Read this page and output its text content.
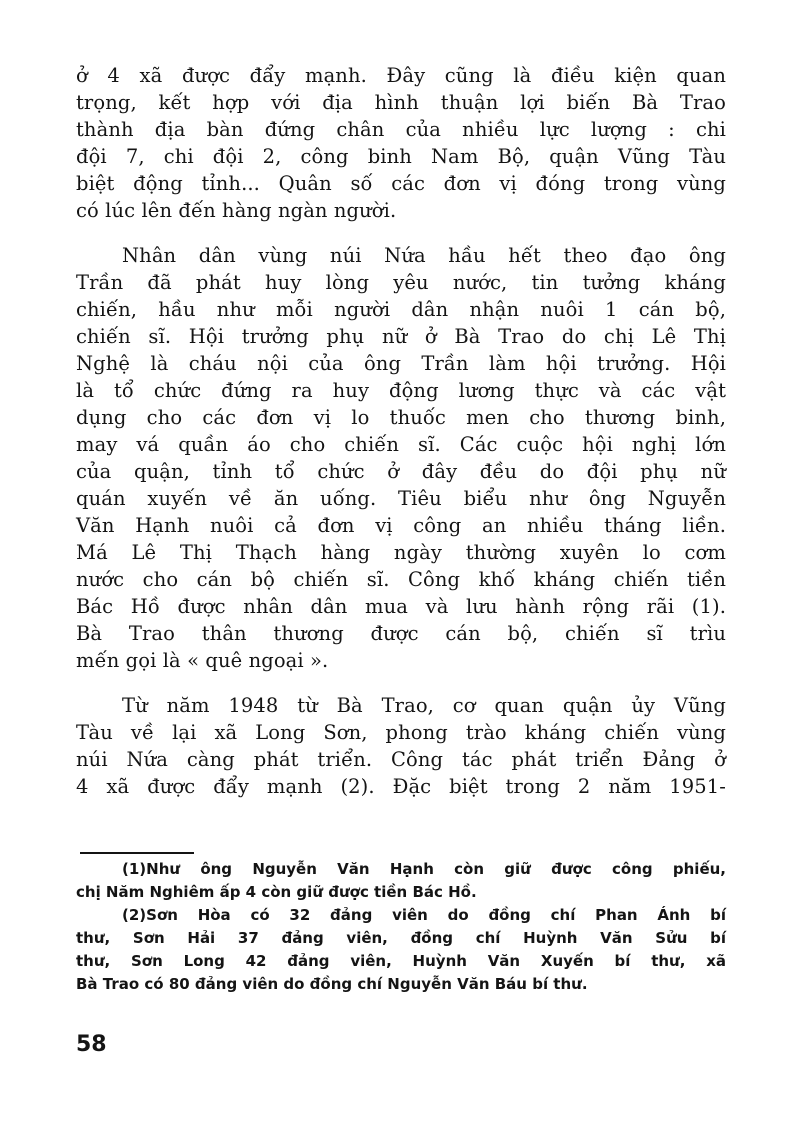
ở 4 xã được đẩy mạnh. Đây cũng là điều kiện quan
trọng, kết hợp với địa hình thuận lợi biến Bà Trao
thành địa bàn đứng chân của nhiều lực lượng : chi
đội 7, chi đội 2, công binh Nam Bộ, quận Vũng Tàu
biệt động tỉnh... Quân số các đơn vị đóng trong vùng
có lúc lên đến hàng ngàn người.
Nhân dân vùng núi Nứa hầu hết theo đạo ông
Trần đã phát huy lòng yêu nước, tin tưởng kháng
chiến, hầu như mỗi người dân nhận nuôi 1 cán bộ,
chiến sĩ. Hội trưởng phụ nữ ở Bà Trao do chị Lê Thị
Nghệ là cháu nội của ông Trần làm hội trưởng. Hội
là tổ chức đứng ra huy động lương thực và các vật
dụng cho các đơn vị lo thuốc men cho thương binh,
may vá quần áo cho chiến sĩ. Các cuộc hội nghị lớn
của quận, tỉnh tổ chức ở đây đều do đội phụ nữ
quán xuyến về ăn uống. Tiêu biểu như ông Nguyễn
Văn Hạnh nuôi cả đơn vị công an nhiều tháng liền.
Má Lê Thị Thạch hàng ngày thường xuyên lo cơm
nước cho cán bộ chiến sĩ. Công khố kháng chiến tiền
Bác Hồ được nhân dân mua và lưu hành rộng rãi (1).
Bà Trao thân thương được cán bộ, chiến sĩ trìu
mến gọi là « quê ngoại ».
Từ năm 1948 từ Bà Trao, cơ quan quận ủy Vũng
Tàu về lại xã Long Sơn, phong trào kháng chiến vùng
núi Nứa càng phát triển. Công tác phát triển Đảng ở
4 xã được đẩy mạnh (2). Đặc biệt trong 2 năm 1951-
(1)Như ông Nguyễn Văn Hạnh còn giữ được công phiếu,
chị Năm Nghiêm ấp 4 còn giữ được tiền Bác Hồ.
(2)Sơn Hòa có 32 đảng viên do đồng chí Phan Ánh bí
thư, Sơn Hải 37 đảng viên, đồng chí Huỳnh Văn Sửu bí
thư, Sơn Long 42 đảng viên, Huỳnh Văn Xuyến bí thư, xã
Bà Trao có 80 đảng viên do đồng chí Nguyễn Văn Báu bí thư.
58
